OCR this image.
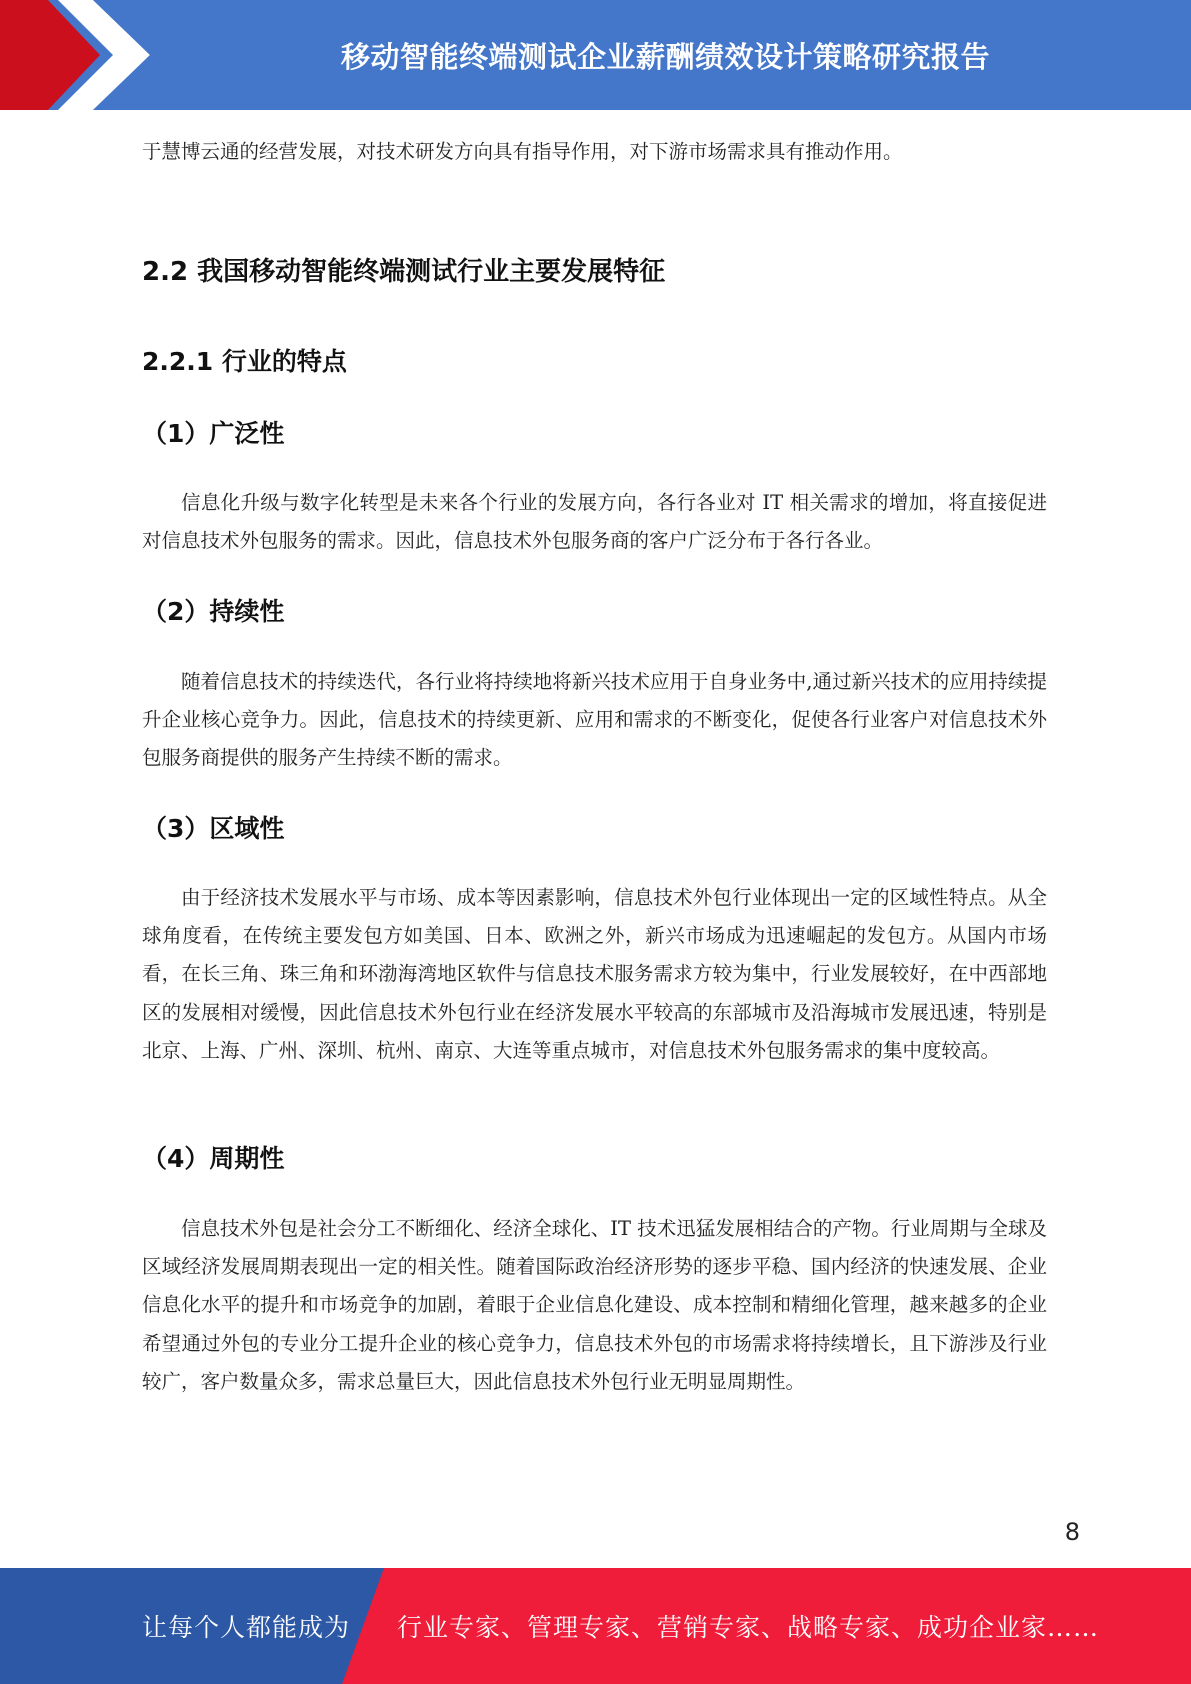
移动智能终端测试企业薪酬绩效设计策略研究报告

于慧博云通的经营发展，对技术研发方向具有指导作用，对下游市场需求具有推动作用。

2.2 我国移动智能终端测试行业主要发展特征
2.2.1 行业的特点
（1）广泛性

信息化升级与数字化转型是未来各个行业的发展方向，各行各业对 IT 相关需求的增加，将直接促进对信息技术外包服务的需求。因此，信息技术外包服务商的客户广泛分布于各行各业。

（2）持续性

随着信息技术的持续迭代，各行业将持续地将新兴技术应用于自身业务中,通过新兴技术的应用持续提升企业核心竞争力。因此，信息技术的持续更新、应用和需求的不断变化，促使各行业客户对信息技术外包服务商提供的服务产生持续不断的需求。

（3）区域性

由于经济技术发展水平与市场、成本等因素影响，信息技术外包行业体现出一定的区域性特点。从全球角度看，在传统主要发包方如美国、日本、欧洲之外，新兴市场成为迅速崛起的发包方。从国内市场看，在长三角、珠三角和环渤海湾地区软件与信息技术服务需求方较为集中，行业发展较好，在中西部地区的发展相对缓慢，因此信息技术外包行业在经济发展水平较高的东部城市及沿海城市发展迅速，特别是北京、上海、广州、深圳、杭州、南京、大连等重点城市，对信息技术外包服务需求的集中度较高。

（4）周期性

信息技术外包是社会分工不断细化、经济全球化、IT 技术迅猛发展相结合的产物。行业周期与全球及区域经济发展周期表现出一定的相关性。随着国际政治经济形势的逐步平稳、国内经济的快速发展、企业信息化水平的提升和市场竞争的加剧，着眼于企业信息化建设、成本控制和精细化管理，越来越多的企业希望通过外包的专业分工提升企业的核心竞争力，信息技术外包的市场需求将持续增长，且下游涉及行业较广，客户数量众多，需求总量巨大，因此信息技术外包行业无明显周期性。

8
让每个人都能成为 行业专家、管理专家、营销专家、战略专家、成功企业家……
